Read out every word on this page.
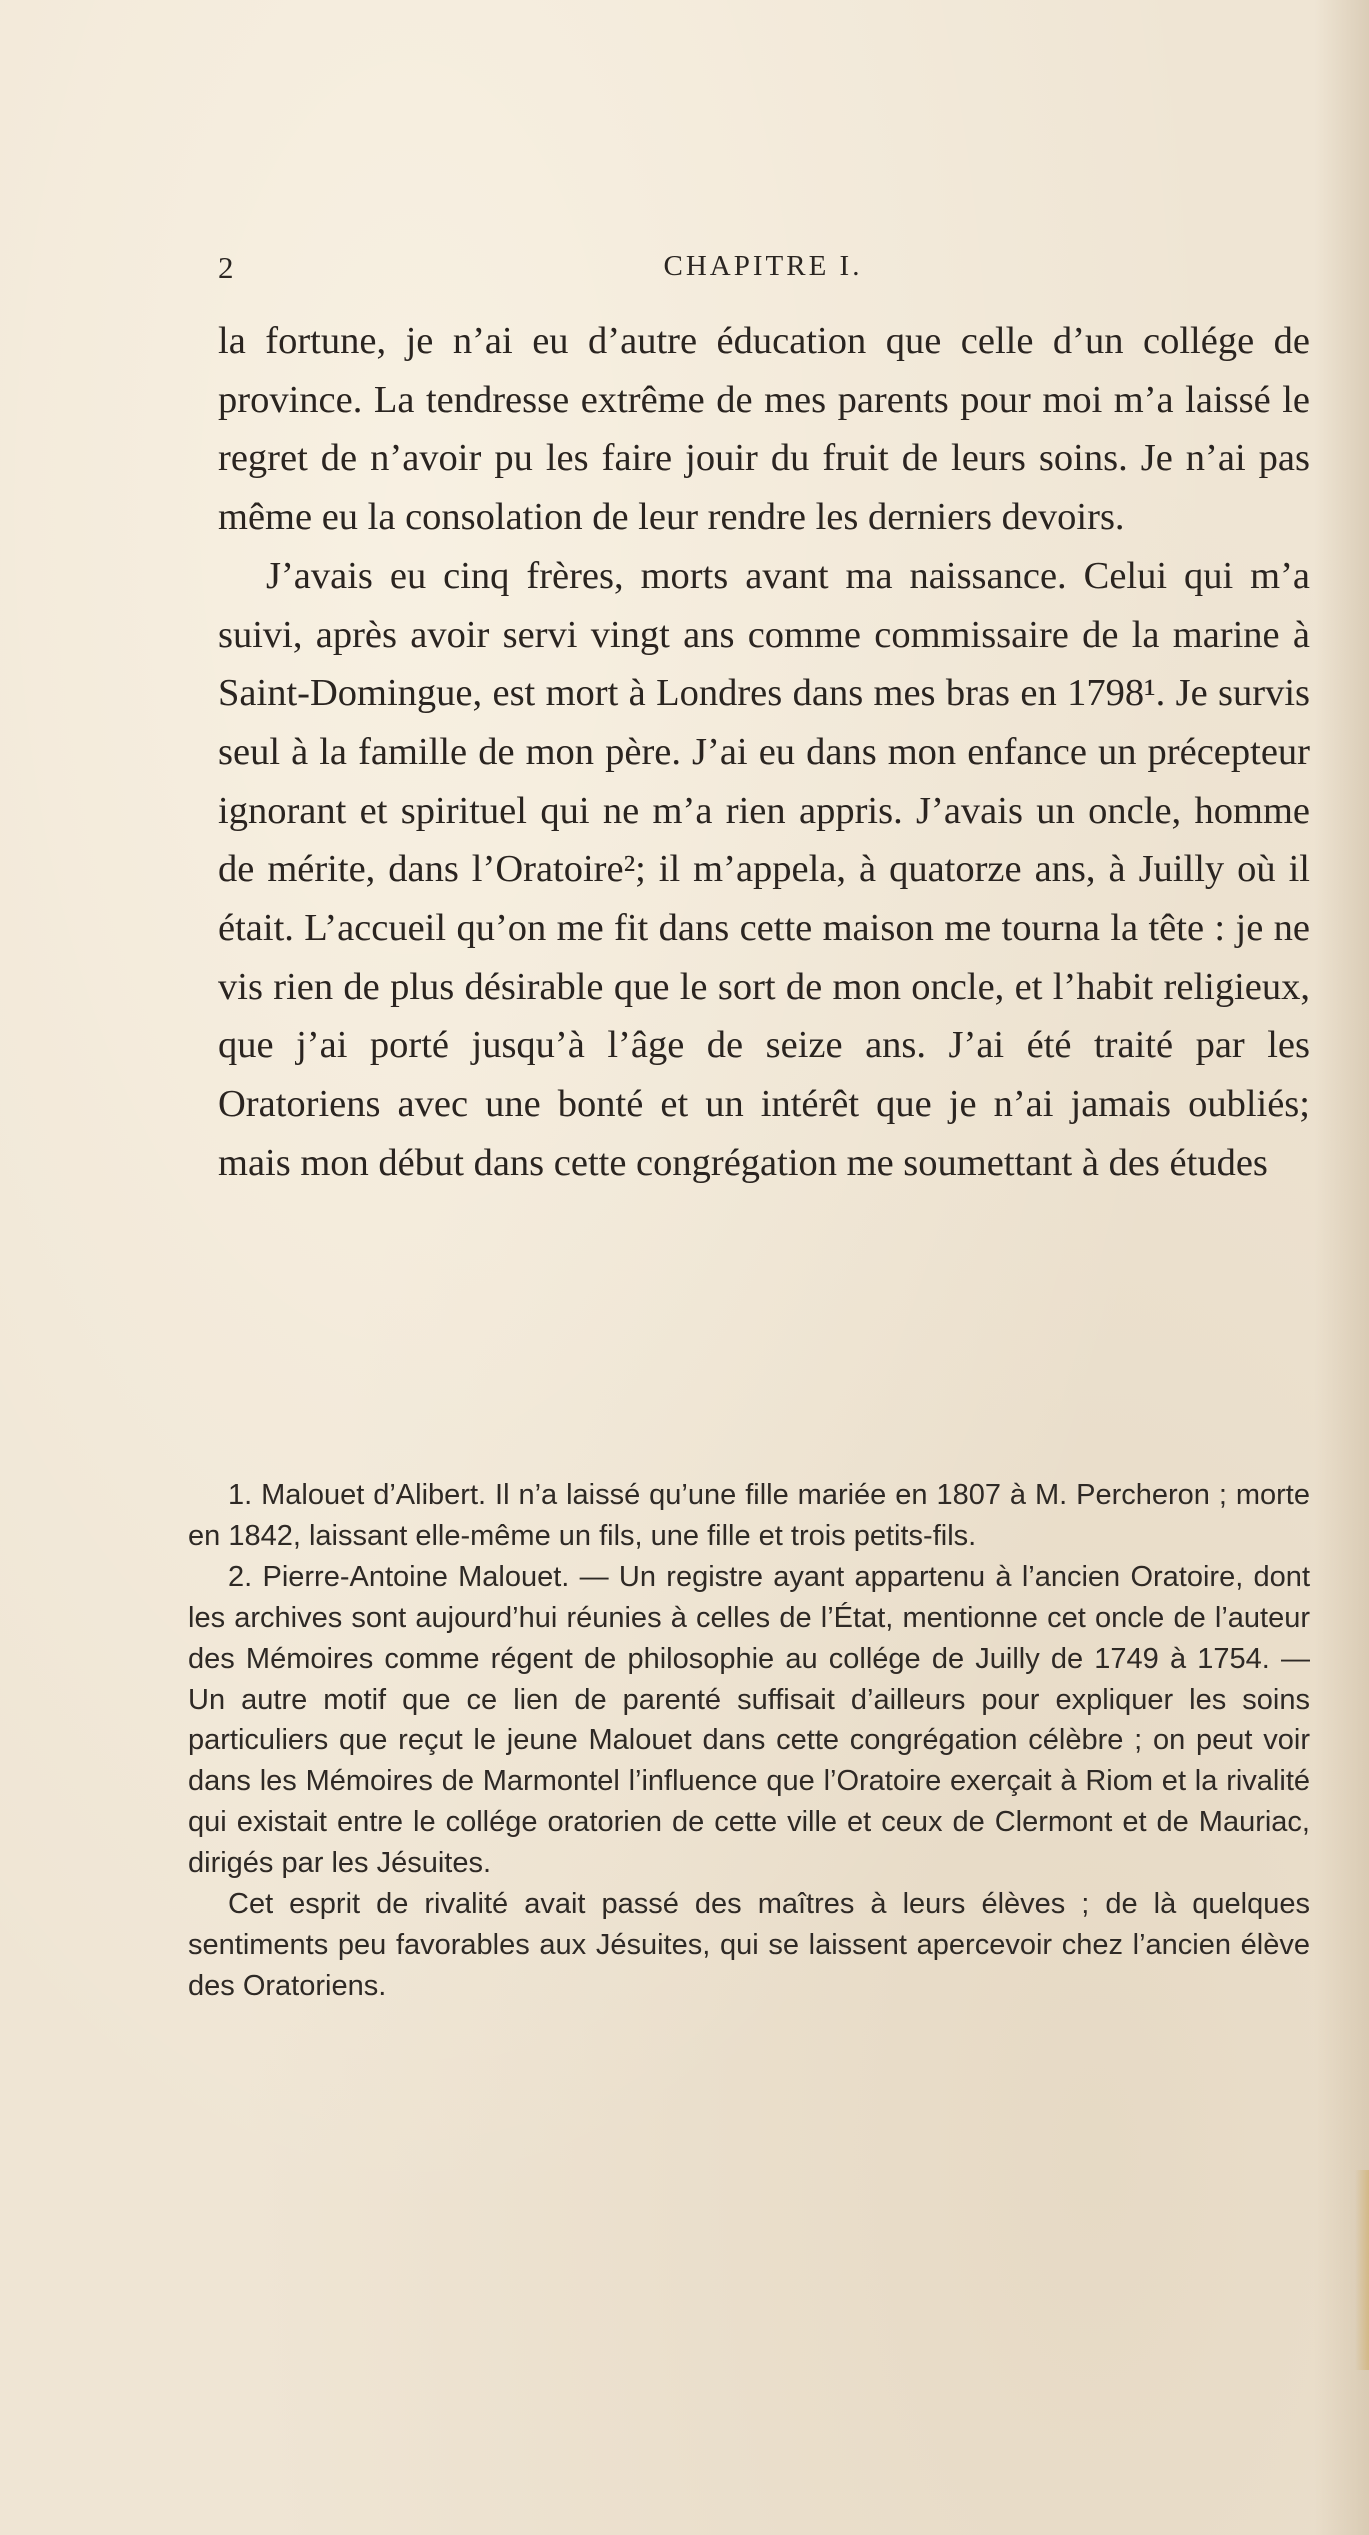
2	CHAPITRE I.

la fortune, je n’ai eu d’autre éducation que celle d’un collége de province. La tendresse extrême de mes parents pour moi m’a laissé le regret de n’avoir pu les faire jouir du fruit de leurs soins. Je n’ai pas même eu la consolation de leur rendre les derniers devoirs.

J’avais eu cinq frères, morts avant ma naissance. Celui qui m’a suivi, après avoir servi vingt ans comme commissaire de la marine à Saint-Domingue, est mort à Londres dans mes bras en 1798¹. Je survis seul à la famille de mon père. J’ai eu dans mon enfance un précepteur ignorant et spirituel qui ne m’a rien appris. J’avais un oncle, homme de mérite, dans l’Oratoire²; il m’appela, à quatorze ans, à Juilly où il était. L’accueil qu’on me fit dans cette maison me tourna la tête : je ne vis rien de plus désirable que le sort de mon oncle, et l’habit religieux, que j’ai porté jusqu’à l’âge de seize ans. J’ai été traité par les Oratoriens avec une bonté et un intérêt que je n’ai jamais oubliés; mais mon début dans cette congrégation me soumettant à des études

1. Malouet d’Alibert. Il n’a laissé qu’une fille mariée en 1807 à M. Percheron ; morte en 1842, laissant elle-même un fils, une fille et trois petits-fils.

2. Pierre-Antoine Malouet. — Un registre ayant appartenu à l’ancien Oratoire, dont les archives sont aujourd’hui réunies à celles de l’État, mentionne cet oncle de l’auteur des Mémoires comme régent de philosophie au collége de Juilly de 1749 à 1754. — Un autre motif que ce lien de parenté suffisait d’ailleurs pour expliquer les soins particuliers que reçut le jeune Malouet dans cette congrégation célèbre ; on peut voir dans les Mémoires de Marmontel l’influence que l’Oratoire exerçait à Riom et la rivalité qui existait entre le collége oratorien de cette ville et ceux de Clermont et de Mauriac, dirigés par les Jésuites.

Cet esprit de rivalité avait passé des maîtres à leurs élèves ; de là quelques sentiments peu favorables aux Jésuites, qui se laissent apercevoir chez l’ancien élève des Oratoriens.
